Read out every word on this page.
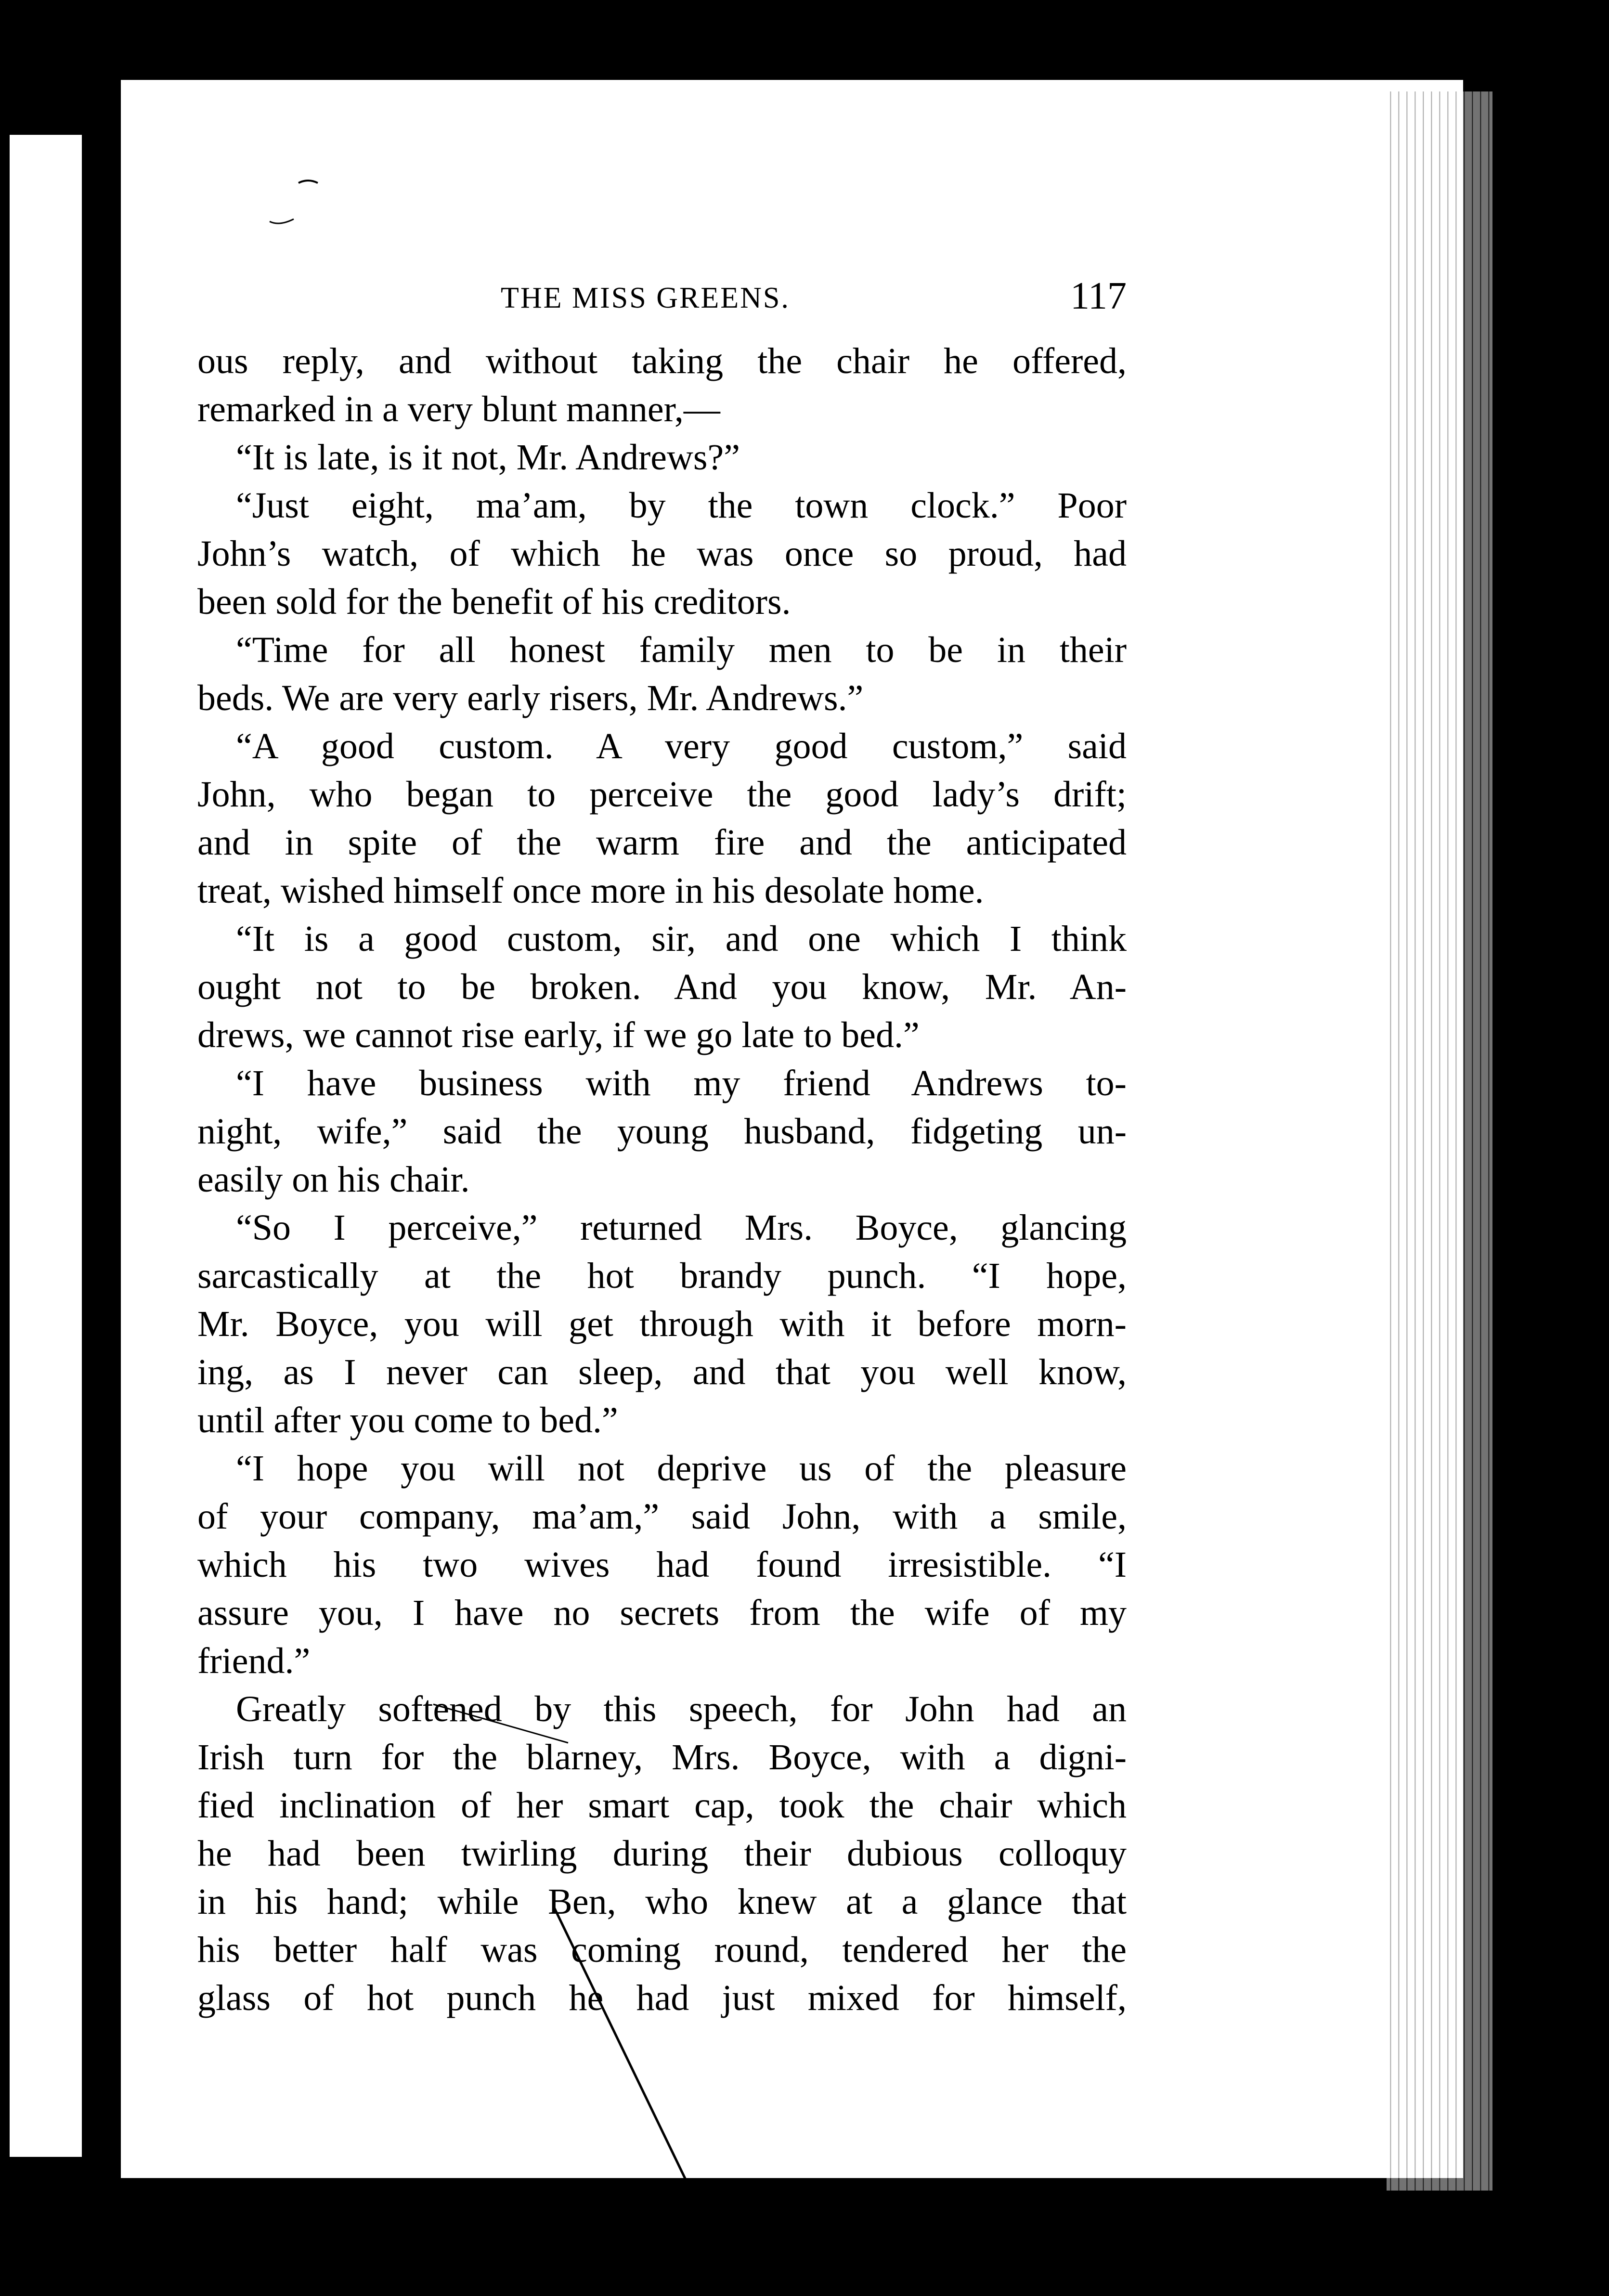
THE MISS GREENS.	117
ous reply, and without taking the chair he offered,
remarked in a very blunt manner,—
“It is late, is it not, Mr. Andrews?”
“Just eight, ma’am, by the town clock.” Poor
John’s watch, of which he was once so proud, had
been sold for the benefit of his creditors.
“Time for all honest family men to be in their
beds. We are very early risers, Mr. Andrews.”
“A good custom. A very good custom,” said
John, who began to perceive the good lady’s drift;
and in spite of the warm fire and the anticipated
treat, wished himself once more in his desolate home.
“It is a good custom, sir, and one which I think
ought not to be broken. And you know, Mr. An-
drews, we cannot rise early, if we go late to bed.”
“I have business with my friend Andrews to-
night, wife,” said the young husband, fidgeting un-
easily on his chair.
“So I perceive,” returned Mrs. Boyce, glancing
sarcastically at the hot brandy punch. “I hope,
Mr. Boyce, you will get through with it before morn-
ing, as I never can sleep, and that you well know,
until after you come to bed.”
“I hope you will not deprive us of the pleasure
of your company, ma’am,” said John, with a smile,
which his two wives had found irresistible. “I
assure you, I have no secrets from the wife of my
friend.”
Greatly softened by this speech, for John had an
Irish turn for the blarney, Mrs. Boyce, with a digni-
fied inclination of her smart cap, took the chair which
he had been twirling during their dubious colloquy
in his hand; while Ben, who knew at a glance that
his better half was coming round, tendered her the
glass of hot punch he had just mixed for himself,
